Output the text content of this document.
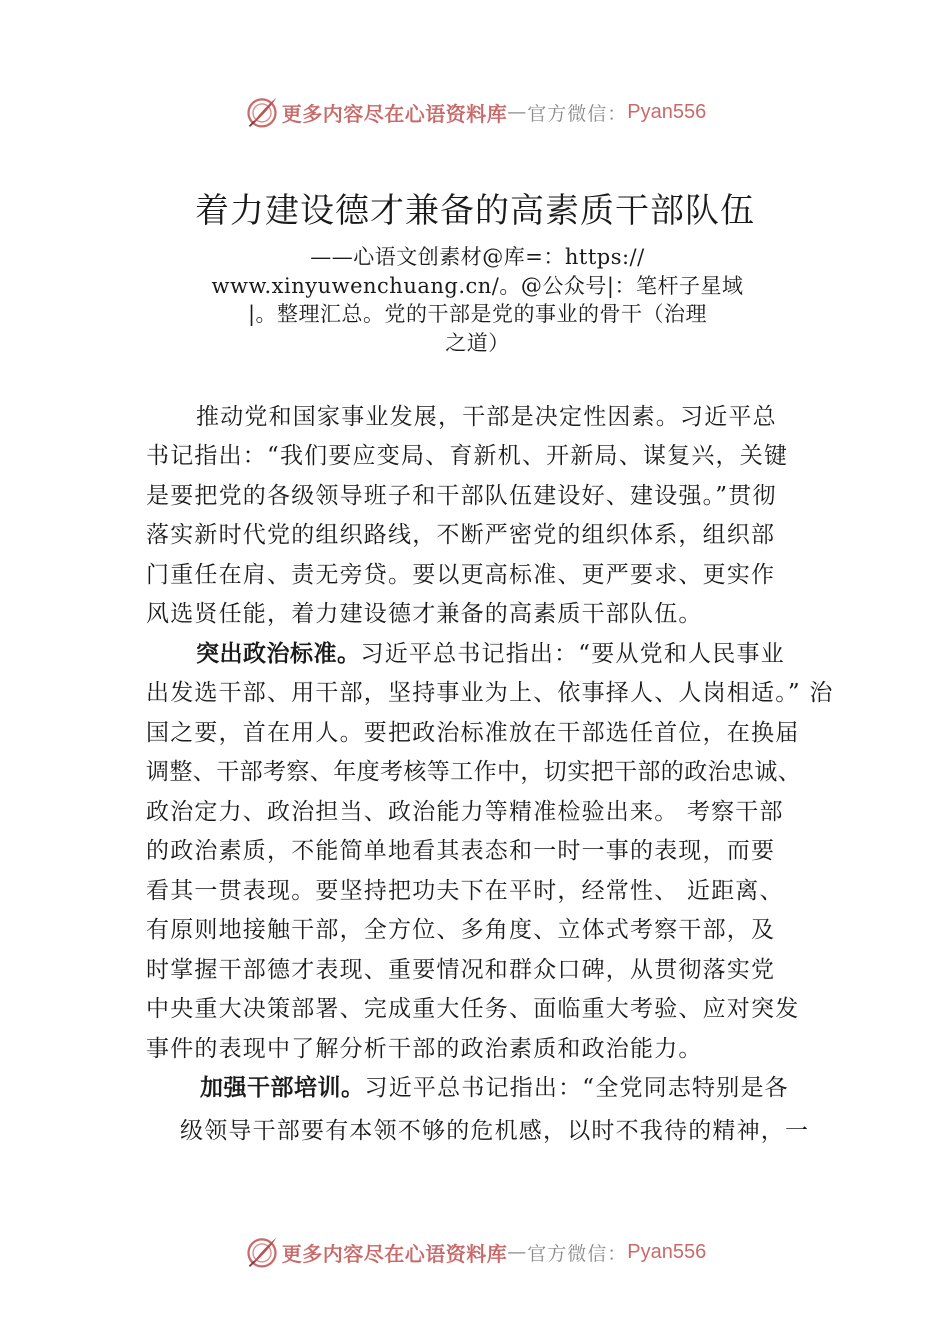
更多内容尽在心语资料库 — 官方微信： Pyan556
着力建设德才兼备的高素质干部队伍
——心语文创素材@库=：https://
www.xinyuwenchuang.cn/。@公众号|：笔杆子星域
|。整理汇总。党的干部是党的事业的骨干（治理
之道）
推动党和国家事业发展，干部是决定性因素。习近平总
书记指出：“我们要应变局、育新机、开新局、谋复兴，关键
是要把党的各级领导班子和干部队伍建设好、建设强。”贯彻
落实新时代党的组织路线，不断严密党的组织体系，组织部
门重任在肩、责无旁贷。要以更高标准、更严要求、更实作
风选贤任能，着力建设德才兼备的高素质干部队伍。
突出政治标准。习近平总书记指出：“要从党和人民事业
出发选干部、用干部，坚持事业为上、依事择人、人岗相适。” 治
国之要，首在用人。要把政治标准放在干部选任首位，在换届
调整、干部考察、年度考核等工作中，切实把干部的政治忠诚、
政治定力、政治担当、政治能力等精准检验出来。 考察干部
的政治素质，不能简单地看其表态和一时一事的表现，而要
看其一贯表现。要坚持把功夫下在平时，经常性、 近距离、
有原则地接触干部，全方位、多角度、立体式考察干部，及
时掌握干部德才表现、重要情况和群众口碑，从贯彻落实党
中央重大决策部署、完成重大任务、面临重大考验、应对突发
事件的表现中了解分析干部的政治素质和政治能力。
加强干部培训。习近平总书记指出：“全党同志特别是各
级领导干部要有本领不够的危机感，以时不我待的精神，一
更多内容尽在心语资料库 — 官方微信： Pyan556
